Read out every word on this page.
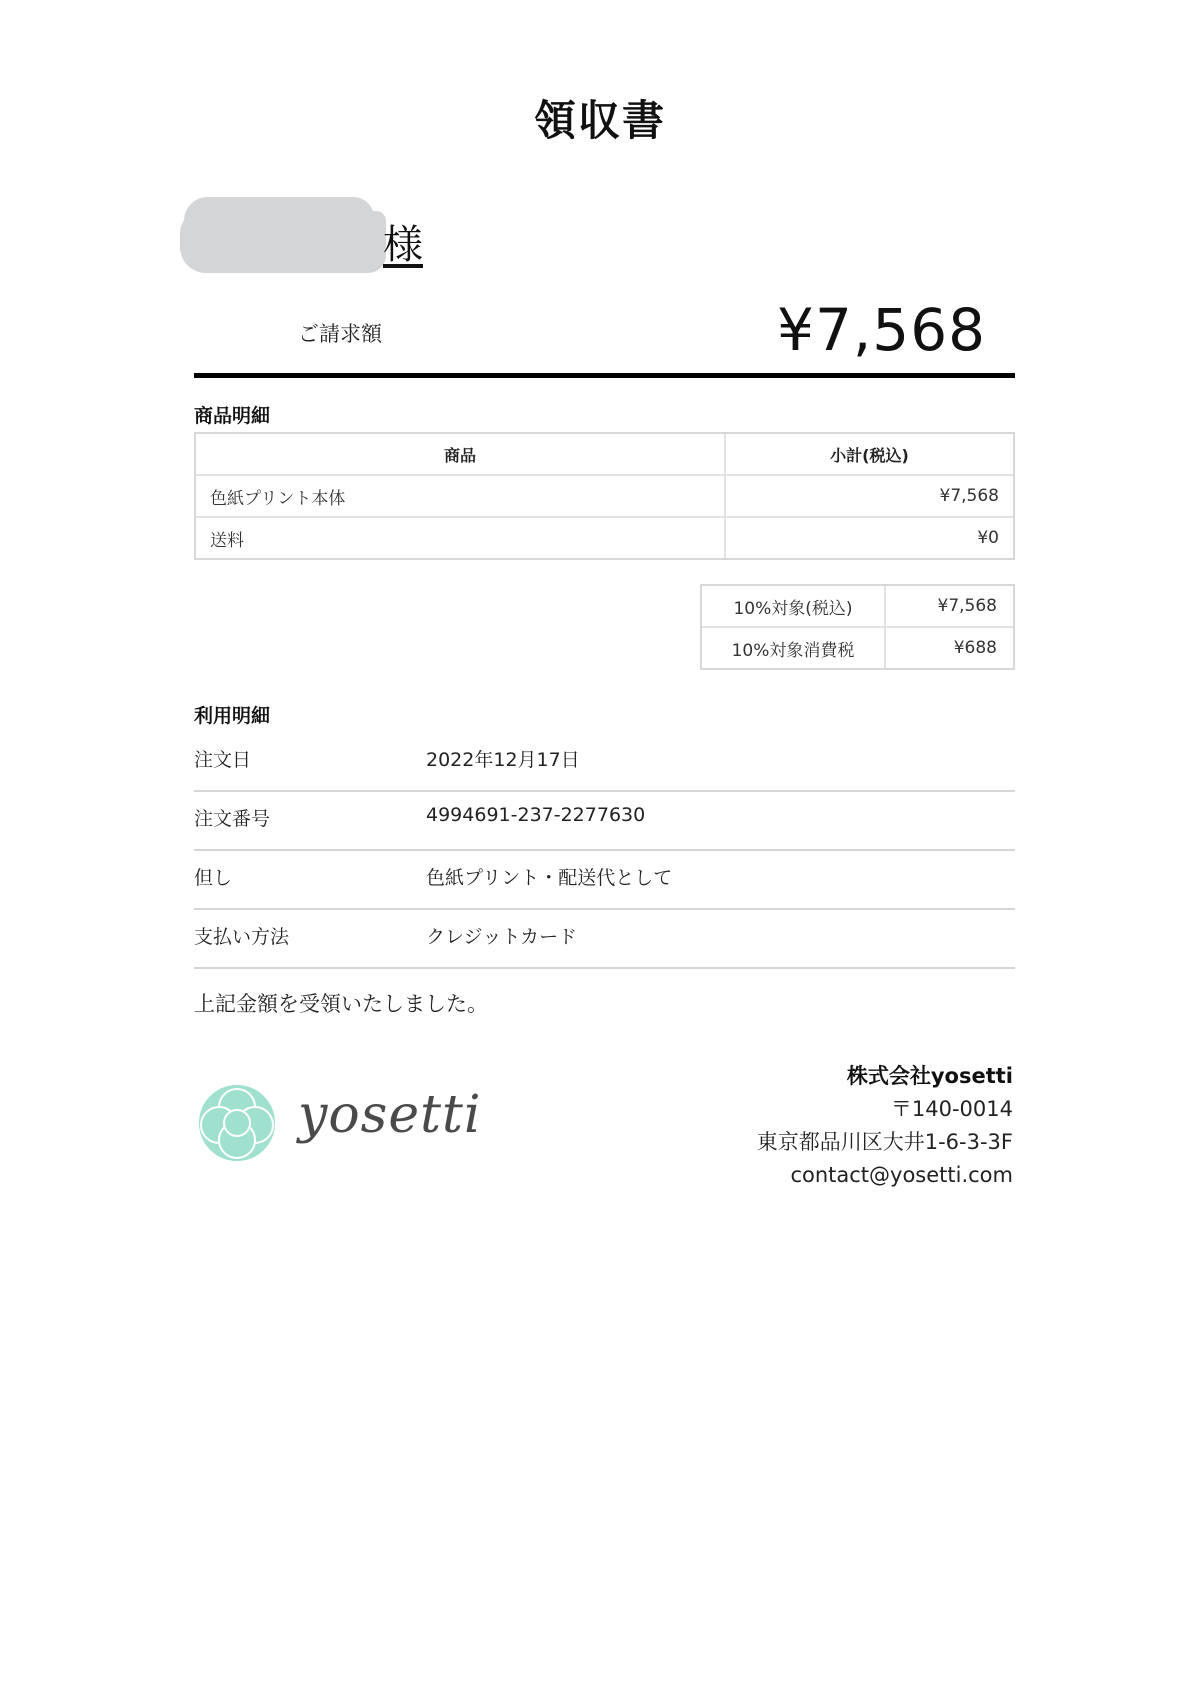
領収書
様
ご請求額	¥7,568
商品明細
商品	小計(税込)
色紙プリント本体	¥7,568
送料	¥0
10%対象(税込)	¥7,568
10%対象消費税	¥688
利用明細
注文日	2022年12月17日
注文番号	4994691-237-2277630
但し	色紙プリント・配送代として
支払い方法	クレジットカード
上記金額を受領いたしました。
yosetti
株式会社yosetti
〒140-0014
東京都品川区大井1-6-3-3F
contact@yosetti.com
